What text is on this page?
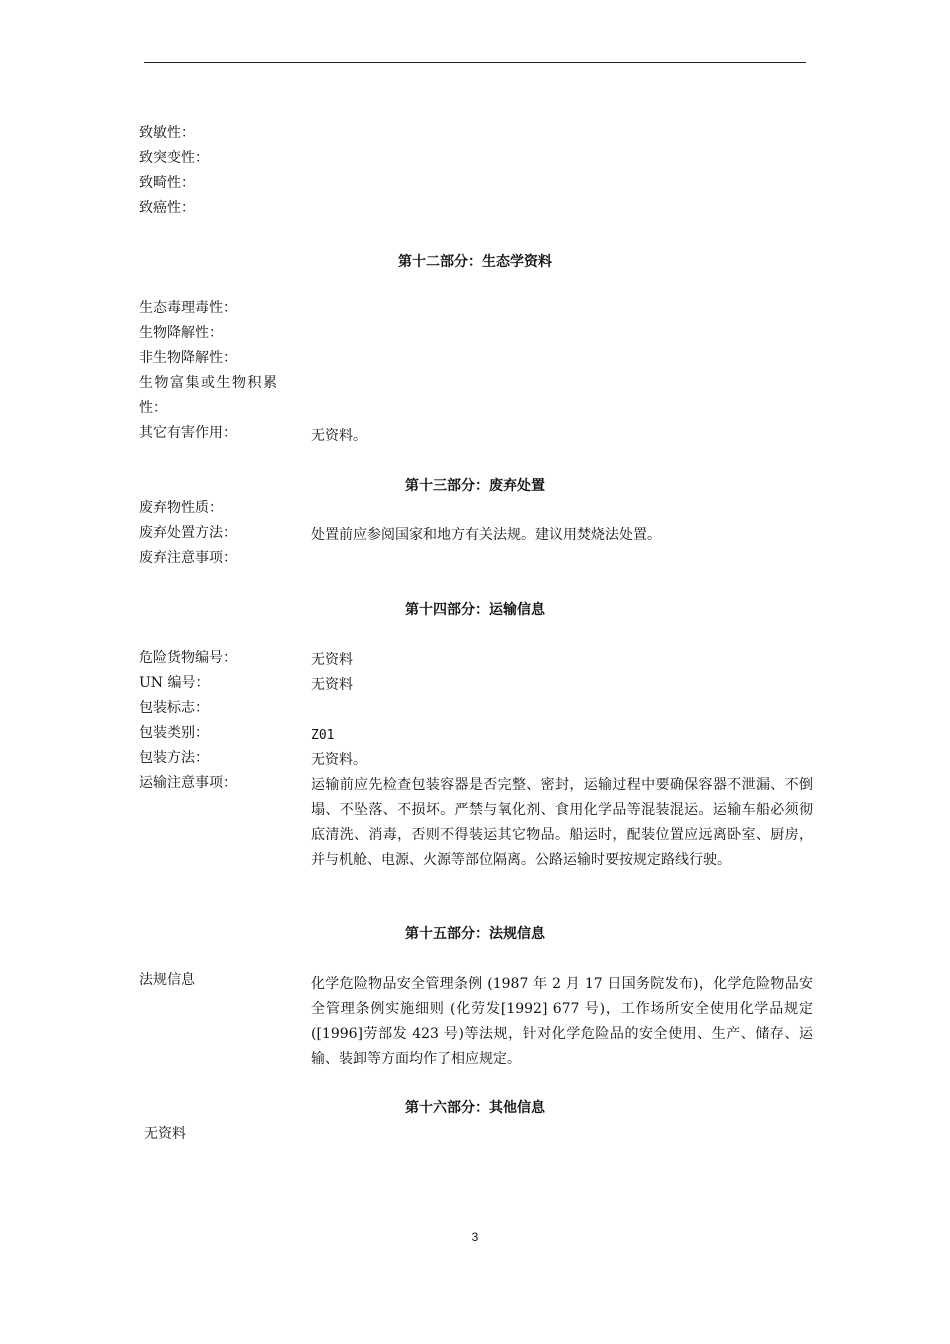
致敏性：
致突变性：
致畸性：
致癌性：
第十二部分：生态学资料
生态毒理毒性：
生物降解性：
非生物降解性：
生物富集或生物积累
性：
其它有害作用：	无资料。
第十三部分：废弃处置
废弃物性质：
废弃处置方法：	处置前应参阅国家和地方有关法规。建议用焚烧法处置。
废弃注意事项：
第十四部分：运输信息
危险货物编号：	无资料
UN 编号：	无资料
包装标志：
包装类别：	Z01
包装方法：	无资料。
运输注意事项：	运输前应先检查包装容器是否完整、密封，运输过程中要确保容器不泄漏、不倒塌、不坠落、不损坏。严禁与氧化剂、食用化学品等混装混运。运输车船必须彻底清洗、消毒，否则不得装运其它物品。船运时，配装位置应远离卧室、厨房，并与机舱、电源、火源等部位隔离。公路运输时要按规定路线行驶。
第十五部分：法规信息
法规信息	化学危险物品安全管理条例 (1987 年 2 月 17 日国务院发布)，化学危险物品安全管理条例实施细则 (化劳发[1992] 677 号)，工作场所安全使用化学品规定 ([1996]劳部发 423 号)等法规，针对化学危险品的安全使用、生产、储存、运输、装卸等方面均作了相应规定。
第十六部分：其他信息
无资料
3
